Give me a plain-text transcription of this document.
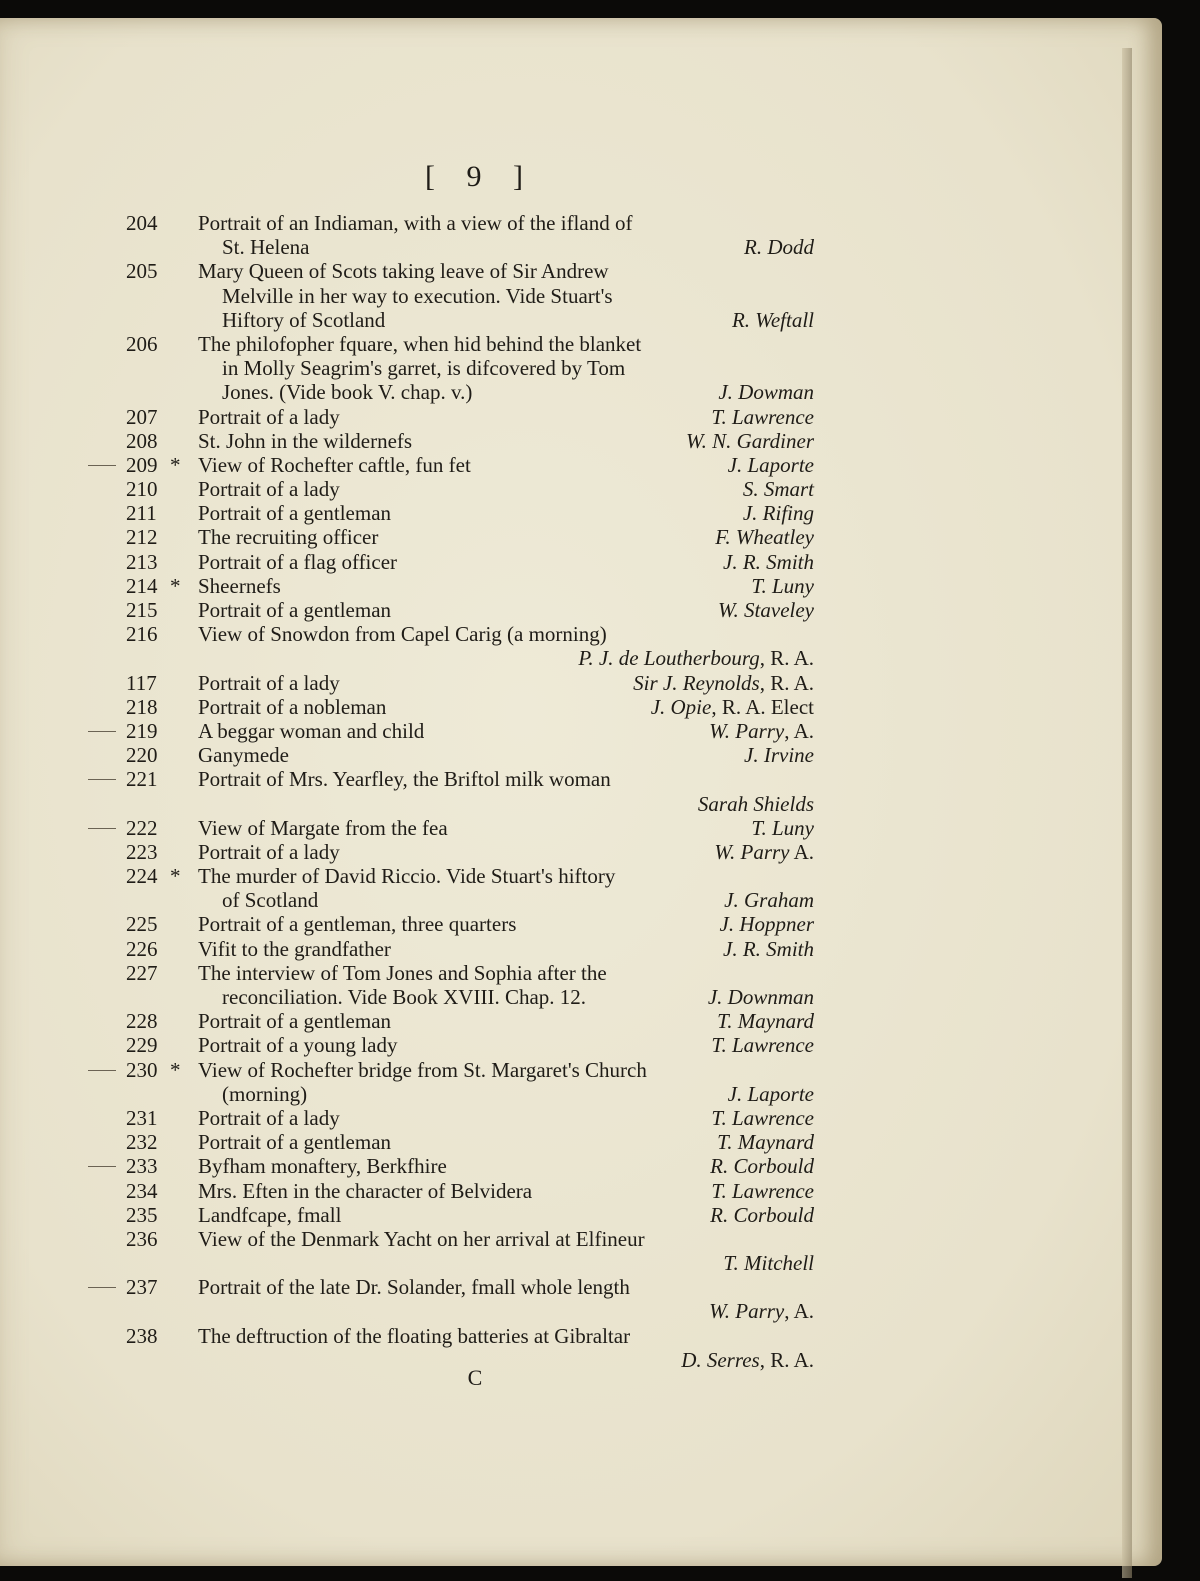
[ 9 ]
204	Portrait of an Indiaman, with a view of the ifland of
St. Helena	R. Dodd
205	Mary Queen of Scots taking leave of Sir Andrew
Melville in her way to execution. Vide Stuart's
Hiftory of Scotland	R. Weftall
206	The philofopher fquare, when hid behind the blanket
in Molly Seagrim's garret, is difcovered by Tom
Jones. (Vide book V. chap. v.)	J. Dowman
207	Portrait of a lady	T. Lawrence
208	St. John in the wildernefs	W. N. Gardiner
209 * View of Rochefter caftle, fun fet	J. Laporte
210	Portrait of a lady	S. Smart
211	Portrait of a gentleman	J. Rifing
212	The recruiting officer	F. Wheatley
213	Portrait of a flag officer	J. R. Smith
214 * Sheernefs	T. Luny
215	Portrait of a gentleman	W. Staveley
216	View of Snowdon from Capel Carig (a morning)
P. J. de Loutherbourg, R. A.
117	Portrait of a lady	Sir J. Reynolds, R. A.
218	Portrait of a nobleman	J. Opie, R. A. Elect
219	A beggar woman and child	W. Parry, A.
220	Ganymede	J. Irvine
221	Portrait of Mrs. Yearfley, the Briftol milk woman
Sarah Shields
222	View of Margate from the fea	T. Luny
223	Portrait of a lady	W. Parry A.
224 * The murder of David Riccio. Vide Stuart's hiftory
of Scotland	J. Graham
225	Portrait of a gentleman, three quarters	J. Hoppner
226	Vifit to the grandfather	J. R. Smith
227	The interview of Tom Jones and Sophia after the
reconciliation. Vide Book XVIII. Chap. 12.	J. Downman
228	Portrait of a gentleman	T. Maynard
229	Portrait of a young lady	T. Lawrence
230 * View of Rochefter bridge from St. Margaret's Church
(morning)	J. Laporte
231	Portrait of a lady	T. Lawrence
232	Portrait of a gentleman	T. Maynard
233	Byfham monaftery, Berkfhire	R. Corbould
234	Mrs. Eften in the character of Belvidera	T. Lawrence
235	Landfcape, fmall	R. Corbould
236	View of the Denmark Yacht on her arrival at Elfineur
T. Mitchell
237	Portrait of the late Dr. Solander, fmall whole length
W. Parry, A.
238	The deftruction of the floating batteries at Gibraltar
D. Serres, R. A.
C
